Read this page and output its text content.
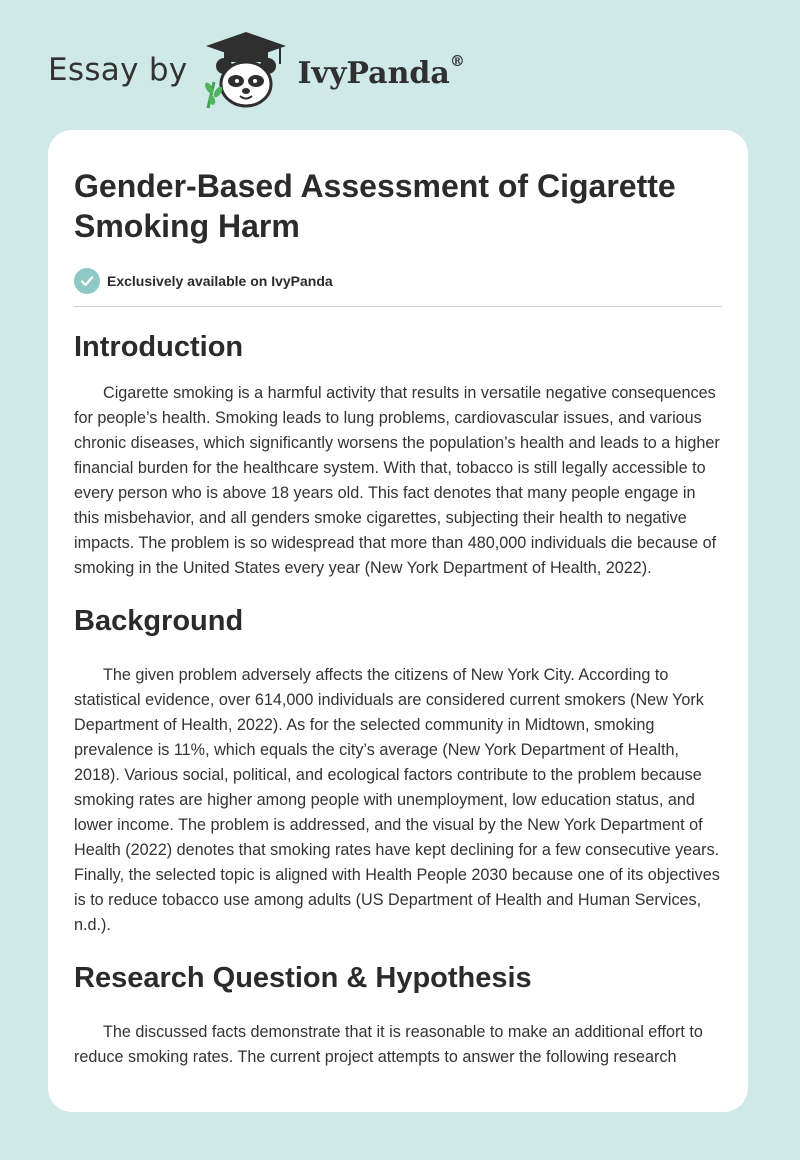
Essay by	IvyPanda®
Gender-Based Assessment of Cigarette Smoking Harm
Exclusively available on IvyPanda
Introduction

Cigarette smoking is a harmful activity that results in versatile negative consequences for people’s health. Smoking leads to lung problems, cardiovascular issues, and various chronic diseases, which significantly worsens the population’s health and leads to a higher financial burden for the healthcare system. With that, tobacco is still legally accessible to every person who is above 18 years old. This fact denotes that many people engage in this misbehavior, and all genders smoke cigarettes, subjecting their health to negative impacts. The problem is so widespread that more than 480,000 individuals die because of smoking in the United States every year (New York Department of Health, 2022).

Background

The given problem adversely affects the citizens of New York City. According to statistical evidence, over 614,000 individuals are considered current smokers (New York Department of Health, 2022). As for the selected community in Midtown, smoking prevalence is 11%, which equals the city’s average (New York Department of Health, 2018). Various social, political, and ecological factors contribute to the problem because smoking rates are higher among people with unemployment, low education status, and lower income. The problem is addressed, and the visual by the New York Department of Health (2022) denotes that smoking rates have kept declining for a few consecutive years. Finally, the selected topic is aligned with Health People 2030 because one of its objectives is to reduce tobacco use among adults (US Department of Health and Human Services, n.d.).

Research Question & Hypothesis

The discussed facts demonstrate that it is reasonable to make an additional effort to reduce smoking rates. The current project attempts to answer the following research
